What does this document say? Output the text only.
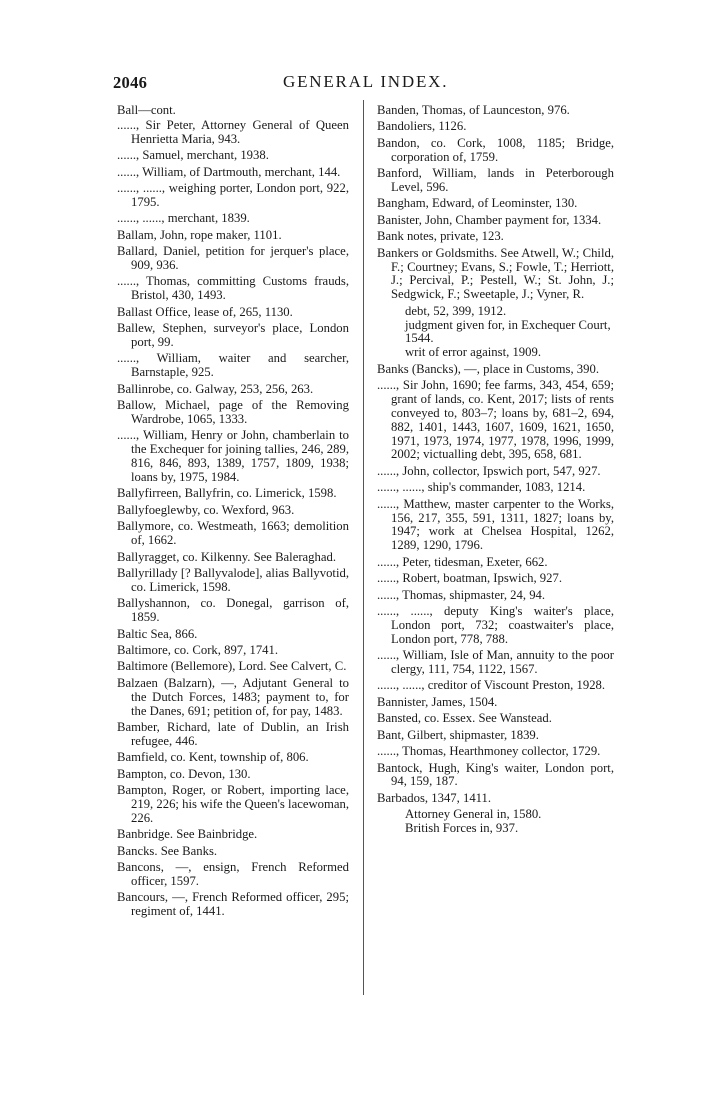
2046	GENERAL INDEX.

Ball—cont.

......, Sir Peter, Attorney General of Queen Henrietta Maria, 943.

......, Samuel, merchant, 1938.

......, William, of Dartmouth, merchant, 144.

......, ......, weighing porter, London port, 922, 1795.

......, ......, merchant, 1839.

Ballam, John, rope maker, 1101.

Ballard, Daniel, petition for jerquer's place, 909, 936.

......, Thomas, committing Customs frauds, Bristol, 430, 1493.

Ballast Office, lease of, 265, 1130.

Ballew, Stephen, surveyor's place, London port, 99.

......, William, waiter and searcher, Barnstaple, 925.

Ballinrobe, co. Galway, 253, 256, 263.

Ballow, Michael, page of the Removing Wardrobe, 1065, 1333.

......, William, Henry or John, chamberlain to the Exchequer for joining tallies, 246, 289, 816, 846, 893, 1389, 1757, 1809, 1938; loans by, 1975, 1984.

Ballyfirreen, Ballyfrin, co. Limerick, 1598.

Ballyfoeglewby, co. Wexford, 963.

Ballymore, co. Westmeath, 1663; demolition of, 1662.

Ballyragget, co. Kilkenny. See Baleraghad.

Ballyrillady [? Ballyvalode], alias Ballyvotid, co. Limerick, 1598.

Ballyshannon, co. Donegal, garrison of, 1859.

Baltic Sea, 866.

Baltimore, co. Cork, 897, 1741.

Baltimore (Bellemore), Lord. See Calvert, C.

Balzaen (Balzarn), —, Adjutant General to the Dutch Forces, 1483; payment to, for the Danes, 691; petition of, for pay, 1483.

Bamber, Richard, late of Dublin, an Irish refugee, 446.

Bamfield, co. Kent, township of, 806.

Bampton, co. Devon, 130.

Bampton, Roger, or Robert, importing lace, 219, 226; his wife the Queen's lacewoman, 226.

Banbridge. See Bainbridge.

Bancks. See Banks.

Bancons, —, ensign, French Reformed officer, 1597.

Bancours, —, French Reformed officer, 295; regiment of, 1441.

Banden, Thomas, of Launceston, 976.

Bandoliers, 1126.

Bandon, co. Cork, 1008, 1185; Bridge, corporation of, 1759.

Banford, William, lands in Peterborough Level, 596.

Bangham, Edward, of Leominster, 130.

Banister, John, Chamber payment for, 1334.

Bank notes, private, 123.

Bankers or Goldsmiths. See Atwell, W.; Child, F.; Courtney; Evans, S.; Fowle, T.; Herriott, J.; Percival, P.; Pestell, W.; St. John, J.; Sedgwick, F.; Sweetaple, J.; Vyner, R.

debt, 52, 399, 1912.

judgment given for, in Exchequer Court, 1544.

writ of error against, 1909.

Banks (Bancks), —, place in Customs, 390.

......, Sir John, 1690; fee farms, 343, 454, 659; grant of lands, co. Kent, 2017; lists of rents conveyed to, 803–7; loans by, 681–2, 694, 882, 1401, 1443, 1607, 1609, 1621, 1650, 1971, 1973, 1974, 1977, 1978, 1996, 1999, 2002; victualling debt, 395, 658, 681.

......, John, collector, Ipswich port, 547, 927.

......, ......, ship's commander, 1083, 1214.

......, Matthew, master carpenter to the Works, 156, 217, 355, 591, 1311, 1827; loans by, 1947; work at Chelsea Hospital, 1262, 1289, 1290, 1796.

......, Peter, tidesman, Exeter, 662.

......, Robert, boatman, Ipswich, 927.

......, Thomas, shipmaster, 24, 94.

......, ......, deputy King's waiter's place, London port, 732; coastwaiter's place, London port, 778, 788.

......, William, Isle of Man, annuity to the poor clergy, 111, 754, 1122, 1567.

......, ......, creditor of Viscount Preston, 1928.

Bannister, James, 1504.

Bansted, co. Essex. See Wanstead.

Bant, Gilbert, shipmaster, 1839.

......, Thomas, Hearthmoney collector, 1729.

Bantock, Hugh, King's waiter, London port, 94, 159, 187.

Barbados, 1347, 1411.

Attorney General in, 1580.

British Forces in, 937.
